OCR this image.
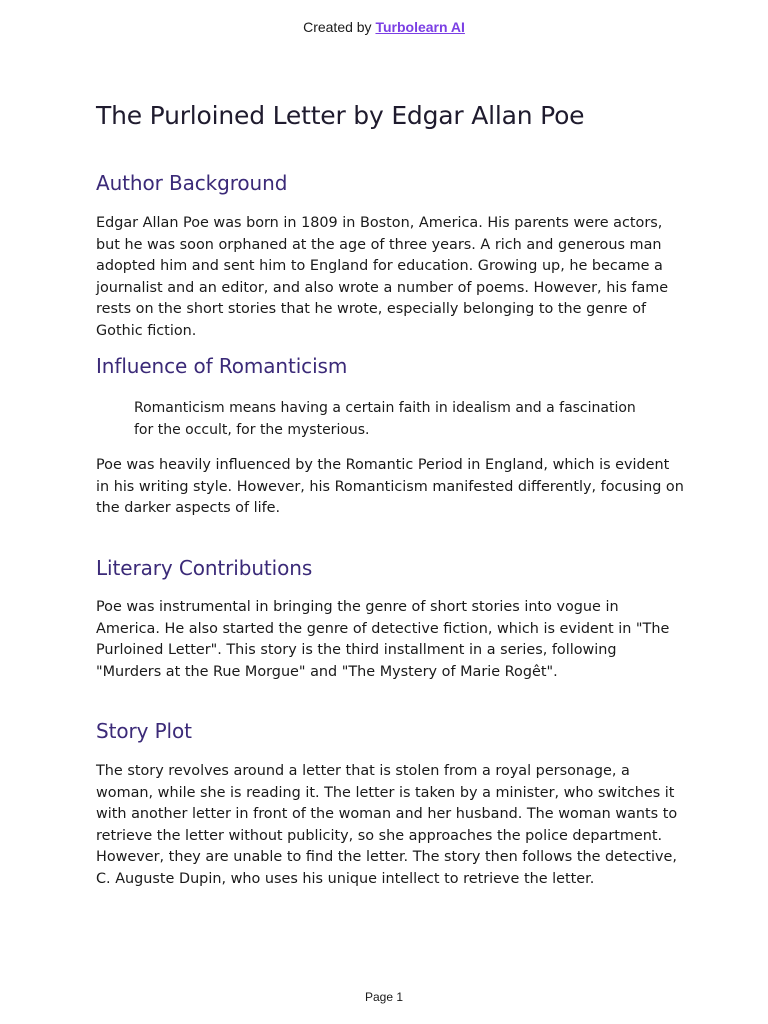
Created by Turbolearn AI
The Purloined Letter by Edgar Allan Poe
Author Background

Edgar Allan Poe was born in 1809 in Boston, America. His parents were actors, but he was soon orphaned at the age of three years. A rich and generous man adopted him and sent him to England for education. Growing up, he became a journalist and an editor, and also wrote a number of poems. However, his fame rests on the short stories that he wrote, especially belonging to the genre of Gothic fiction.

Influence of Romanticism

Romanticism means having a certain faith in idealism and a fascination for the occult, for the mysterious.

Poe was heavily influenced by the Romantic Period in England, which is evident in his writing style. However, his Romanticism manifested differently, focusing on the darker aspects of life.

Literary Contributions

Poe was instrumental in bringing the genre of short stories into vogue in America. He also started the genre of detective fiction, which is evident in "The Purloined Letter". This story is the third installment in a series, following "Murders at the Rue Morgue" and "The Mystery of Marie Rogêt".

Story Plot

The story revolves around a letter that is stolen from a royal personage, a woman, while she is reading it. The letter is taken by a minister, who switches it with another letter in front of the woman and her husband. The woman wants to retrieve the letter without publicity, so she approaches the police department. However, they are unable to find the letter. The story then follows the detective, C. Auguste Dupin, who uses his unique intellect to retrieve the letter.

Page 1
